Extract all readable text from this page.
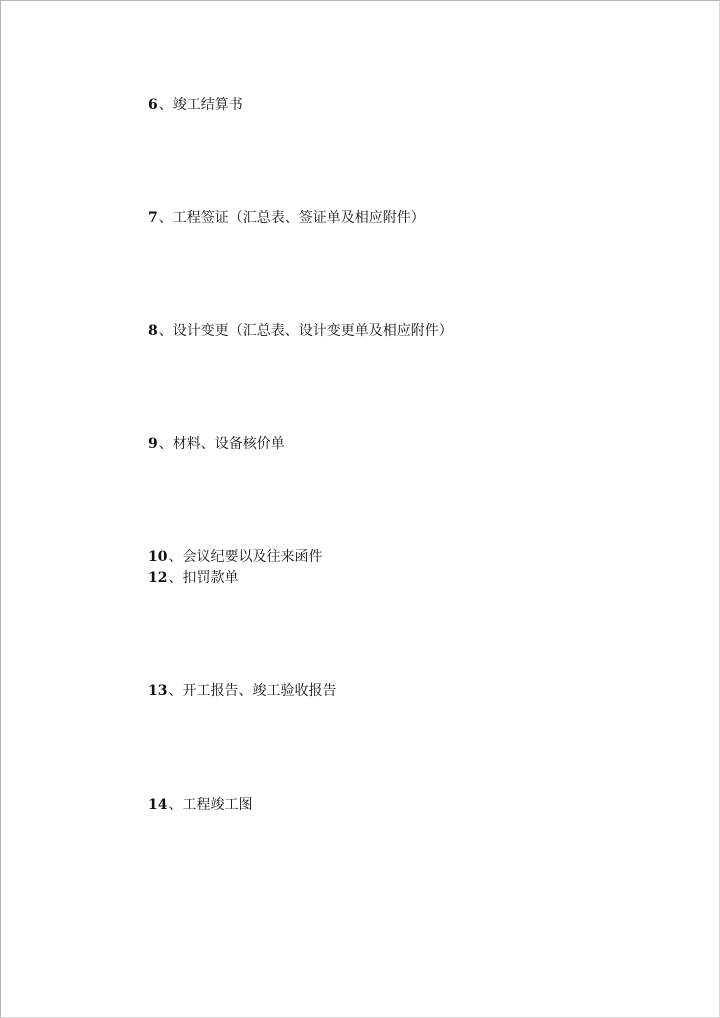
6、竣工结算书
7、工程签证（汇总表、签证单及相应附件）
8、设计变更（汇总表、设计变更单及相应附件）
9、材料、设备核价单
10、会议纪要以及往来函件
12、扣罚款单
13、开工报告、竣工验收报告
14、工程竣工图
